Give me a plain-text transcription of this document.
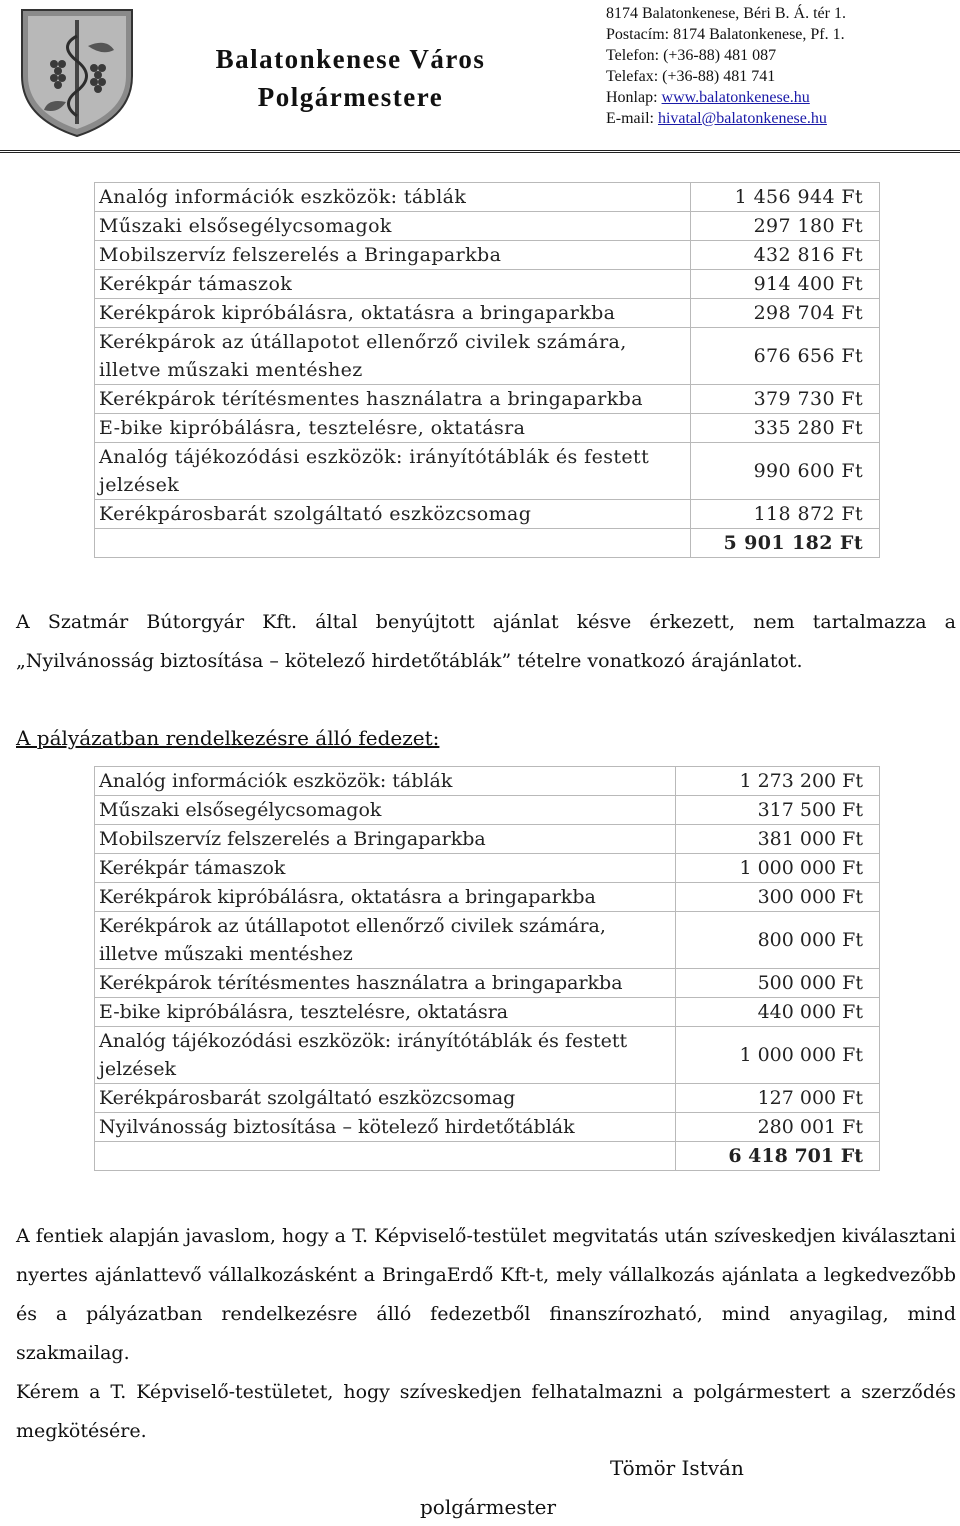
Balatonkenese Város
Polgármestere
8174 Balatonkenese, Béri B. Á. tér 1.
Postacím: 8174 Balatonkenese, Pf. 1.
Telefon: (+36-88) 481 087
Telefax: (+36-88) 481 741
Honlap: www.balatonkenese.hu
E-mail: hivatal@balatonkenese.hu
Analóg információk eszközök: táblák	1 456 944 Ft
Műszaki elsősegélycsomagok	297 180 Ft
Mobilszervíz felszerelés a Bringaparkba	432 816 Ft
Kerékpár támaszok	914 400 Ft
Kerékpárok kipróbálásra, oktatásra a bringaparkba	298 704 Ft
Kerékpárok az útállapotot ellenőrző civilek számára, illetve műszaki mentéshez	676 656 Ft
Kerékpárok térítésmentes használatra a bringaparkba	379 730 Ft
E-bike kipróbálásra, tesztelésre, oktatásra	335 280 Ft
Analóg tájékozódási eszközök: irányítótáblák és festett jelzések	990 600 Ft
Kerékpárosbarát szolgáltató eszközcsomag	118 872 Ft
	5 901 182 Ft
A Szatmár Bútorgyár Kft. által benyújtott ajánlat késve érkezett, nem tartalmazza a „Nyilvánosság biztosítása – kötelező hirdetőtáblák” tételre vonatkozó árajánlatot.
A pályázatban rendelkezésre álló fedezet:
Analóg információk eszközök: táblák	1 273 200 Ft
Műszaki elsősegélycsomagok	317 500 Ft
Mobilszervíz felszerelés a Bringaparkba	381 000 Ft
Kerékpár támaszok	1 000 000 Ft
Kerékpárok kipróbálásra, oktatásra a bringaparkba	300 000 Ft
Kerékpárok az útállapotot ellenőrző civilek számára, illetve műszaki mentéshez	800 000 Ft
Kerékpárok térítésmentes használatra a bringaparkba	500 000 Ft
E-bike kipróbálásra, tesztelésre, oktatásra	440 000 Ft
Analóg tájékozódási eszközök: irányítótáblák és festett jelzések	1 000 000 Ft
Kerékpárosbarát szolgáltató eszközcsomag	127 000 Ft
Nyilvánosság biztosítása – kötelező hirdetőtáblák	280 001 Ft
	6 418 701 Ft
A fentiek alapján javaslom, hogy a T. Képviselő-testület megvitatás után szíveskedjen kiválasztani nyertes ajánlattevő vállalkozásként a BringaErdő Kft-t, mely vállalkozás ajánlata a legkedvezőbb és a pályázatban rendelkezésre álló fedezetből finanszírozható, mind anyagilag, mind szakmailag.
Kérem a T. Képviselő-testületet, hogy szíveskedjen felhatalmazni a polgármestert a szerződés megkötésére.
Tömör István
polgármester
